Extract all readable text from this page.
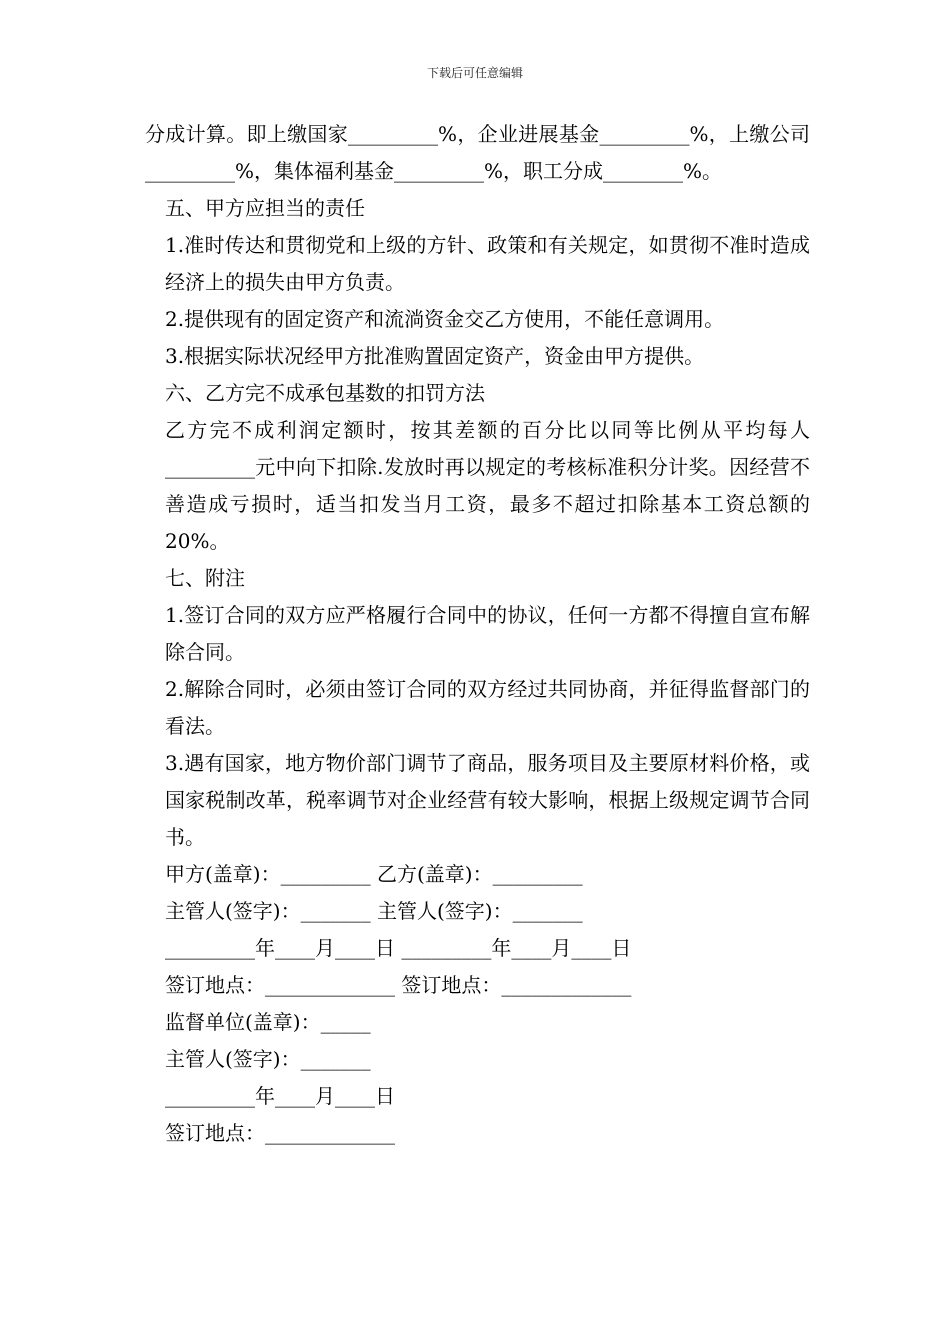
下载后可任意编辑

分成计算。即上缴国家_________%，企业进展基金_________%，上缴公司_________%，集体福利基金_________%，职工分成________%。

五、甲方应担当的责任

1.准时传达和贯彻党和上级的方针、政策和有关规定，如贯彻不准时造成经济上的损失由甲方负责。

2.提供现有的固定资产和流淌资金交乙方使用，不能任意调用。

3.根据实际状况经甲方批准购置固定资产，资金由甲方提供。

六、乙方完不成承包基数的扣罚方法

乙方完不成利润定额时，按其差额的百分比以同等比例从平均每人_________元中向下扣除.发放时再以规定的考核标准积分计奖。因经营不善造成亏损时，适当扣发当月工资，最多不超过扣除基本工资总额的20%。

七、附注

1.签订合同的双方应严格履行合同中的协议，任何一方都不得擅自宣布解除合同。

2.解除合同时，必须由签订合同的双方经过共同协商，并征得监督部门的看法。

3.遇有国家，地方物价部门调节了商品，服务项目及主要原材料价格，或国家税制改革，税率调节对企业经营有较大影响，根据上级规定调节合同书。

甲方(盖章)：_________ 乙方(盖章)：_________

主管人(签字)：_______ 主管人(签字)：_______

_________年____月____日 _________年____月____日

签订地点：_____________ 签订地点：_____________

监督单位(盖章)：_____

主管人(签字)：_______

_________年____月____日

签订地点：_____________
